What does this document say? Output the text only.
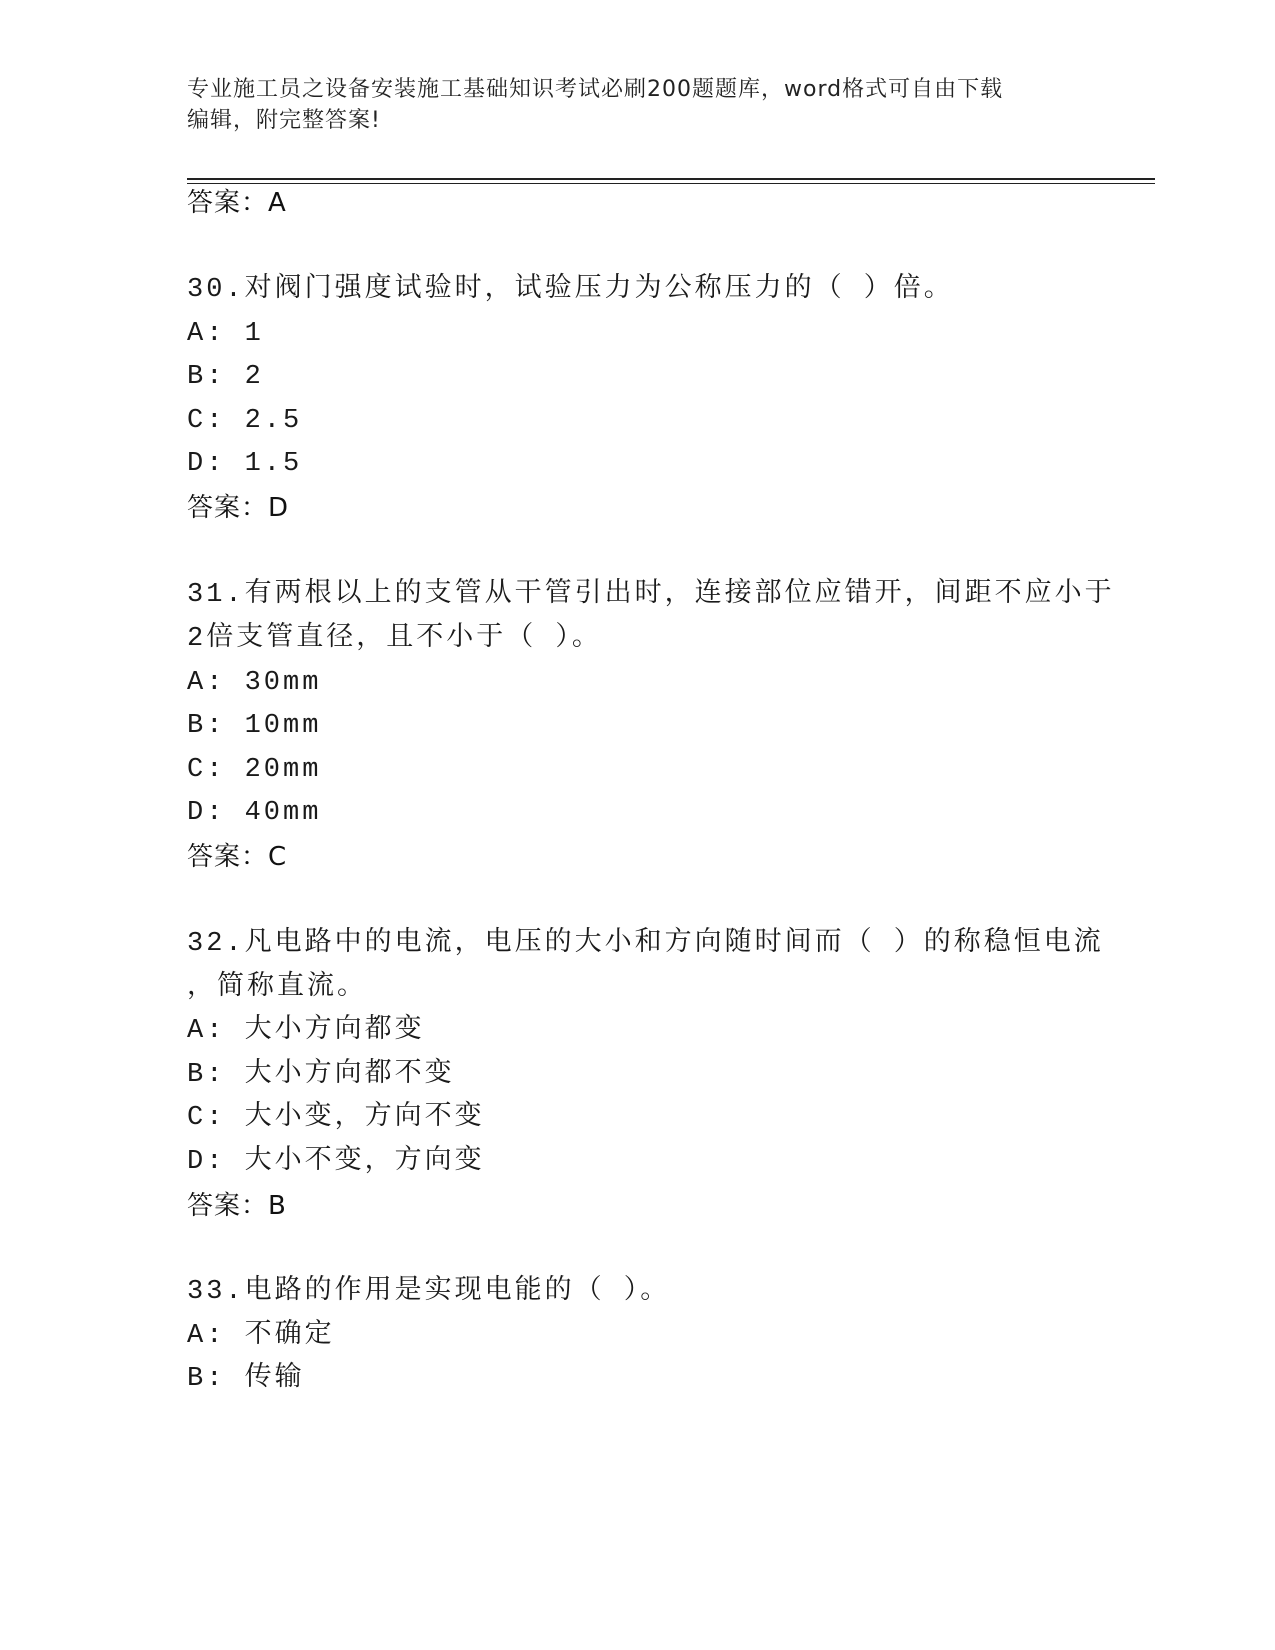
专业施工员之设备安装施工基础知识考试必刷200题题库，word格式可自由下载
编辑，附完整答案!
答案：A
30.对阀门强度试验时，试验压力为公称压力的（ ）倍。
A: 1
B: 2
C: 2.5
D: 1.5
答案：D
31.有两根以上的支管从干管引出时，连接部位应错开，间距不应小于
2倍支管直径，且不小于（ ）。
A: 30mm
B: 10mm
C: 20mm
D: 40mm
答案：C
32.凡电路中的电流，电压的大小和方向随时间而（ ）的称稳恒电流
，简称直流。
A: 大小方向都变
B: 大小方向都不变
C: 大小变，方向不变
D: 大小不变，方向变
答案：B
33.电路的作用是实现电能的（ ）。
A: 不确定
B: 传输
